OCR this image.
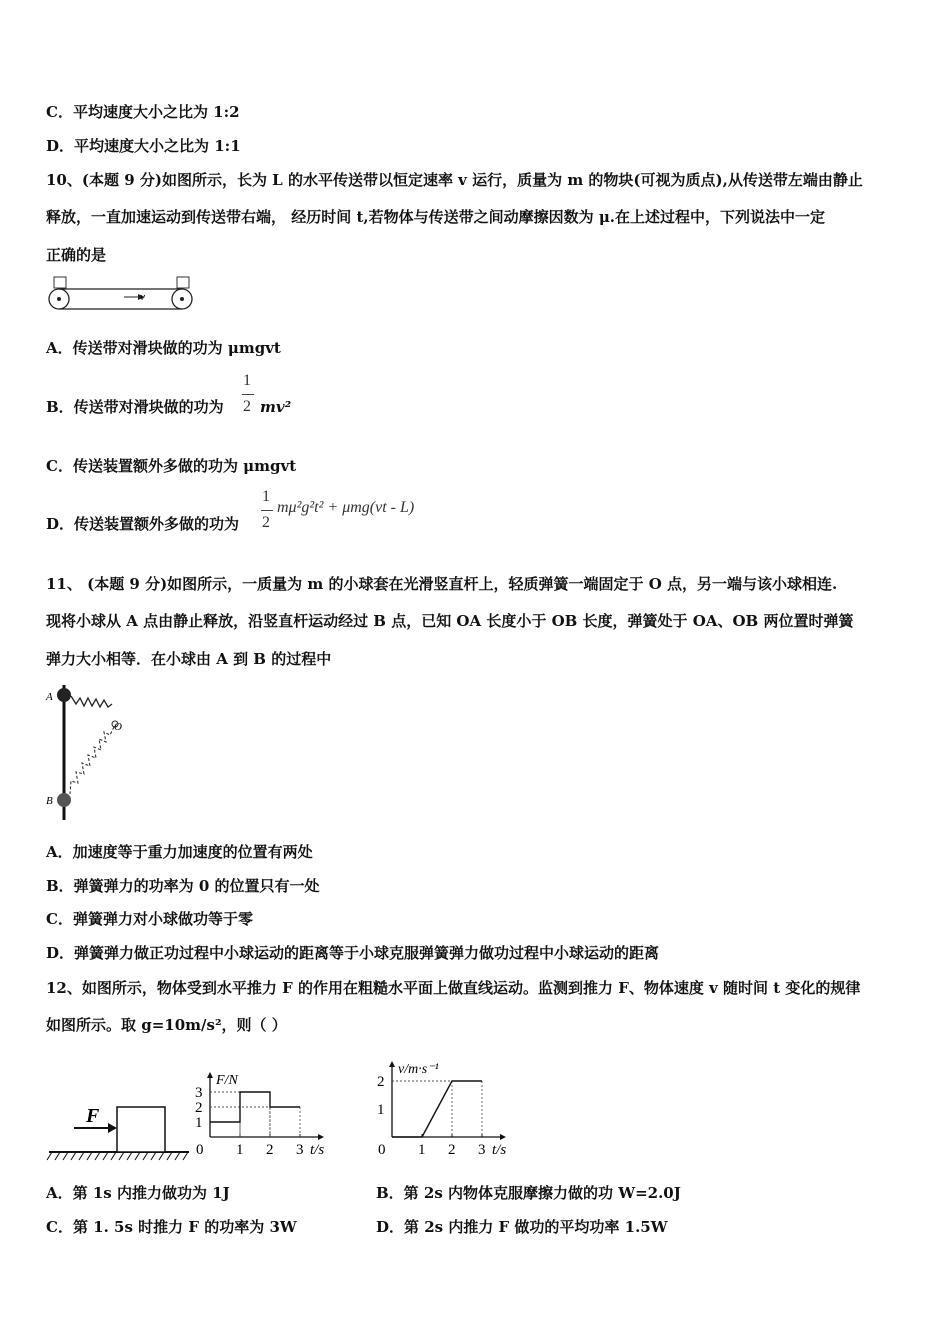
C．平均速度大小之比为 1:2
D．平均速度大小之比为 1:1
10、(本题 9 分)如图所示，长为 L 的水平传送带以恒定速率 v 运行，质量为 m 的物块(可视为质点),从传送带左端由静止
释放，一直加速运动到传送带右端， 经历时间 t,若物体与传送带之间动摩擦因数为 μ.在上述过程中，下列说法中一定
正确的是
v
A．传送带对滑块做的功为 μmgvt
B．传送带对滑块做的功为
1
2 mv²
C．传送装置额外多做的功为 μmgvt
D．传送装置额外多做的功为
1
2
mμ²g²t² + μmg(vt - L)
11、 (本题 9 分)如图所示，一质量为 m 的小球套在光滑竖直杆上，轻质弹簧一端固定于 O 点，另一端与该小球相连.
现将小球从 A 点由静止释放，沿竖直杆运动经过 B 点，已知 OA 长度小于 OB 长度，弹簧处于 OA、OB 两位置时弹簧
弹力大小相等．在小球由 A 到 B 的过程中
A
B
O
A．加速度等于重力加速度的位置有两处
B．弹簧弹力的功率为 0 的位置只有一处
C．弹簧弹力对小球做功等于零
D．弹簧弹力做正功过程中小球运动的距离等于小球克服弹簧弹力做功过程中小球运动的距离
12、如图所示，物体受到水平推力 F 的作用在粗糙水平面上做直线运动。监测到推力 F、物体速度 v 随时间 t 变化的规律
如图所示。取 g=10m/s²，则（ ）
F
F/N
t/s
0 1 2 3
1
2
3
v/m·s⁻¹
t/s
0 1 2 3
1
2
A．第 1s 内推力做功为 1J	B．第 2s 内物体克服摩擦力做的功 W=2.0J
C．第 1. 5s 时推力 F 的功率为 3W	D．第 2s 内推力 F 做功的平均功率 1.5W
